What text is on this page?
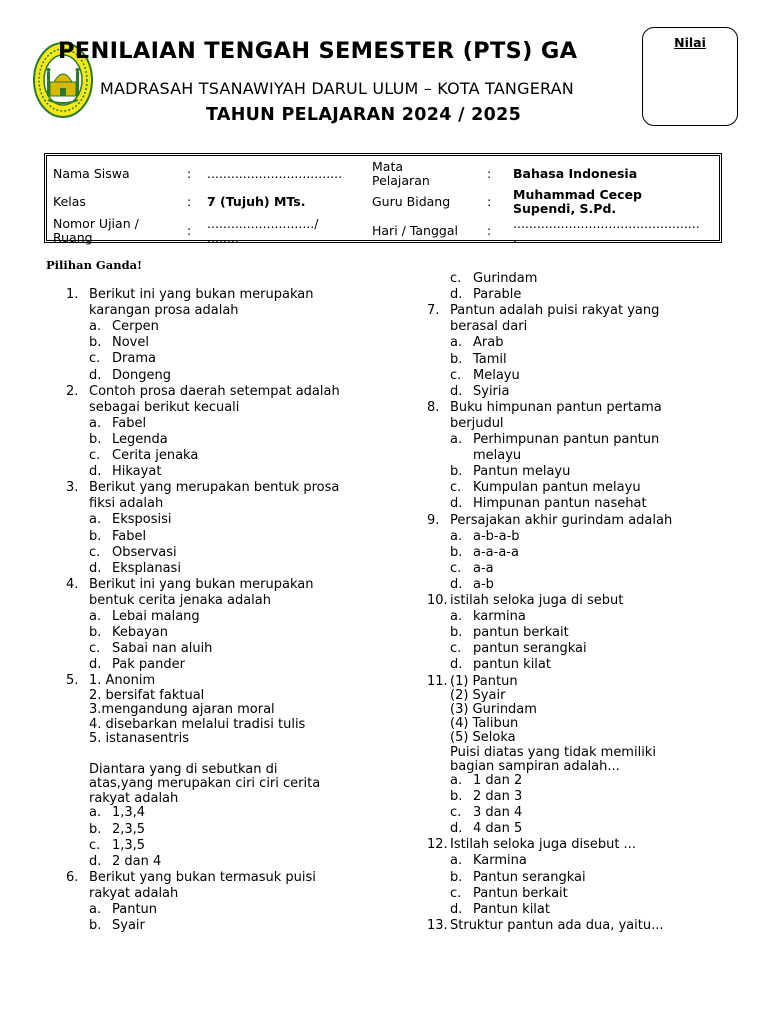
PENILAIAN TENGAH SEMESTER (PTS) GA
MADRASAH TSANAWIYAH DARUL ULUM – KOTA TANGERAN
TAHUN PELAJARAN 2024 / 2025
Nilai
Nama Siswa	: ..................................
Kelas	: 7 (Tujuh) MTs.
Nomor Ujian /
Ruang	: .........................../
........
Mata
Pelajaran	: Bahasa Indonesia
Guru Bidang	: Muhammad Cecep
Supendi, S.Pd.
Hari / Tanggal : ...............................................
.
Pilihan Ganda!
1. Berikut ini yang bukan merupakan
karangan prosa adalah
a. Cerpen
b. Novel
c. Drama
d. Dongeng
2. Contoh prosa daerah setempat adalah
sebagai berikut kecuali
a. Fabel
b. Legenda
c. Cerita jenaka
d. Hikayat
3. Berikut yang merupakan bentuk prosa
fiksi adalah
a. Eksposisi
b. Fabel
c. Observasi
d. Eksplanasi
4. Berikut ini yang bukan merupakan
bentuk cerita jenaka adalah
a. Lebai malang
b. Kebayan
c. Sabai nan aluih
d. Pak pander
5. 1. Anonim
2. bersifat faktual
3.mengandung ajaran moral
4. disebarkan melalui tradisi tulis
5. istanasentris
Diantara yang di sebutkan di
atas,yang merupakan ciri ciri cerita
rakyat adalah
a. 1,3,4
b. 2,3,5
c. 1,3,5
d. 2 dan 4
6. Berikut yang bukan termasuk puisi
rakyat adalah
a. Pantun
b. Syair
c. Gurindam
d. Parable
7. Pantun adalah puisi rakyat yang
berasal dari
a. Arab
b. Tamil
c. Melayu
d. Syiria
8. Buku himpunan pantun pertama
berjudul
a. Perhimpunan pantun pantun
melayu
b. Pantun melayu
c. Kumpulan pantun melayu
d. Himpunan pantun nasehat
9. Persajakan akhir gurindam adalah
a. a-b-a-b
b. a-a-a-a
c. a-a
d. a-b
10. istilah seloka juga di sebut
a. karmina
b. pantun berkait
c. pantun serangkai
d. pantun kilat
11. (1) Pantun
(2) Syair
(3) Gurindam
(4) Talibun
(5) Seloka
Puisi diatas yang tidak memiliki
bagian sampiran adalah...
a. 1 dan 2
b. 2 dan 3
c. 3 dan 4
d. 4 dan 5
12. Istilah seloka juga disebut ...
a. Karmina
b. Pantun serangkai
c. Pantun berkait
d. Pantun kilat
13. Struktur pantun ada dua, yaitu...
